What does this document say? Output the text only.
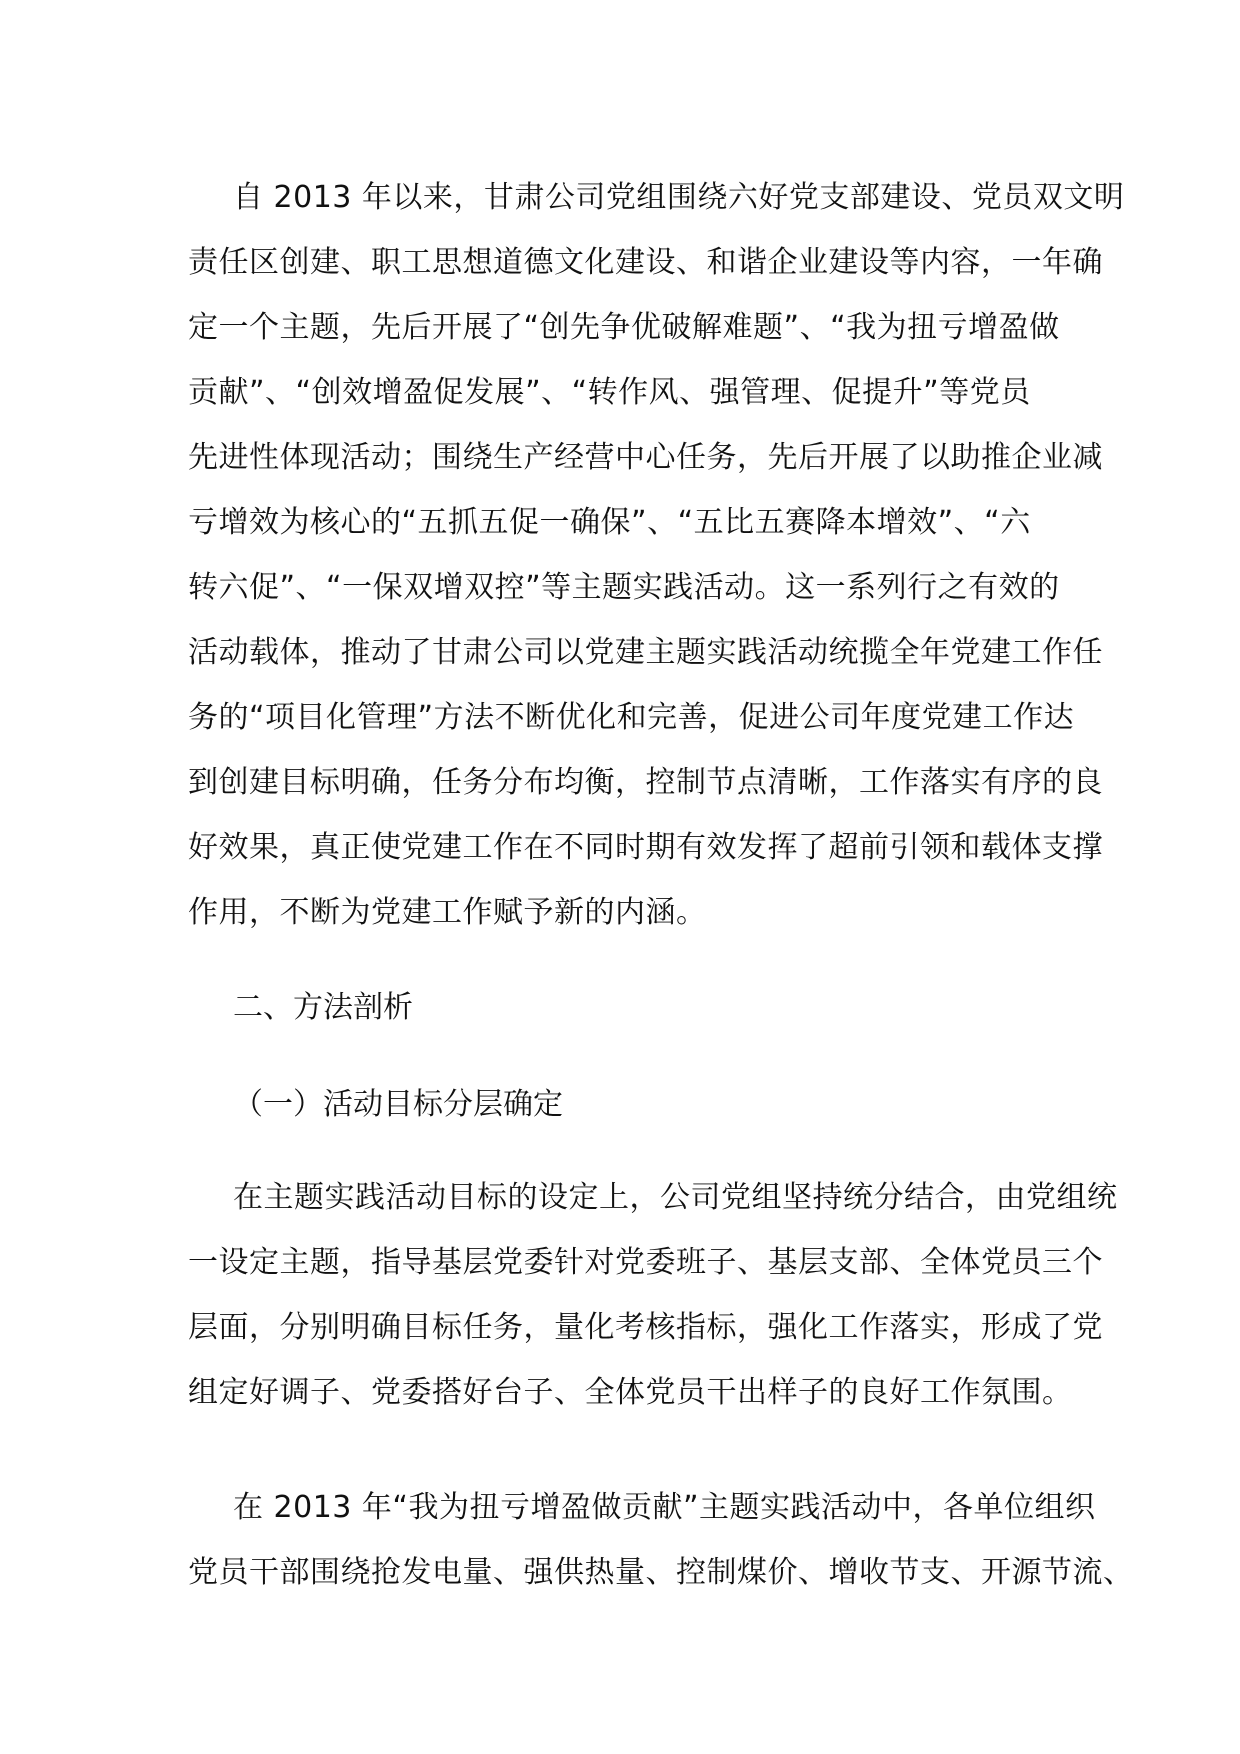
自 2013 年以来，甘肃公司党组围绕六好党支部建设、党员双文明
责任区创建、职工思想道德文化建设、和谐企业建设等内容，一年确
定一个主题，先后开展了“创先争优破解难题”、“我为扭亏增盈做
贡献”、“创效增盈促发展”、“转作风、强管理、促提升”等党员
先进性体现活动；围绕生产经营中心任务，先后开展了以助推企业减
亏增效为核心的“五抓五促一确保”、“五比五赛降本增效”、“六
转六促”、“一保双增双控”等主题实践活动。这一系列行之有效的
活动载体，推动了甘肃公司以党建主题实践活动统揽全年党建工作任
务的“项目化管理”方法不断优化和完善，促进公司年度党建工作达
到创建目标明确，任务分布均衡，控制节点清晰，工作落实有序的良
好效果，真正使党建工作在不同时期有效发挥了超前引领和载体支撑
作用，不断为党建工作赋予新的内涵。
二、方法剖析
（一）活动目标分层确定
在主题实践活动目标的设定上，公司党组坚持统分结合，由党组统
一设定主题，指导基层党委针对党委班子、基层支部、全体党员三个
层面，分别明确目标任务，量化考核指标，强化工作落实，形成了党
组定好调子、党委搭好台子、全体党员干出样子的良好工作氛围。
在 2013 年“我为扭亏增盈做贡献”主题实践活动中，各单位组织
党员干部围绕抢发电量、强供热量、控制煤价、增收节支、开源节流、
